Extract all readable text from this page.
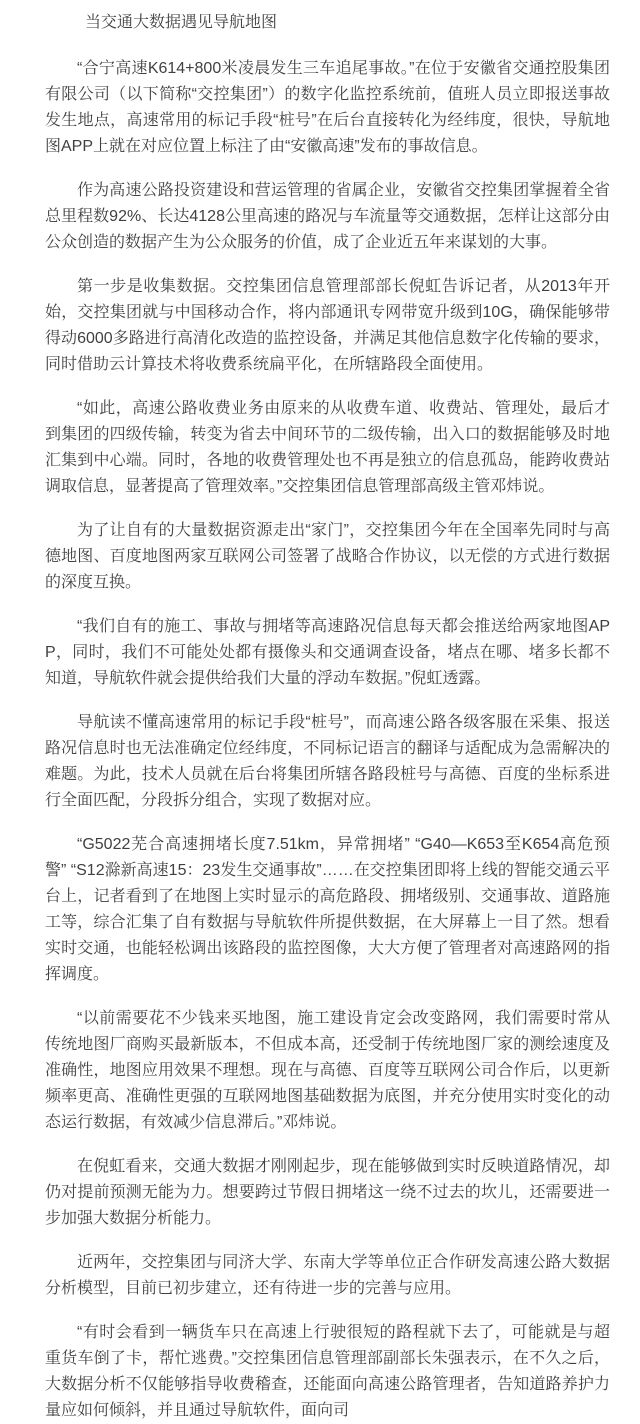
当交通大数据遇见导航地图

“合宁高速K614+800米凌晨发生三车追尾事故。”在位于安徽省交通控股集团有限公司（以下简称“交控集团”）的数字化监控系统前，值班人员立即报送事故发生地点，高速常用的标记手段“桩号”在后台直接转化为经纬度，很快，导航地图APP上就在对应位置上标注了由“安徽高速”发布的事故信息。

作为高速公路投资建设和营运管理的省属企业，安徽省交控集团掌握着全省总里程数92%、长达4128公里高速的路况与车流量等交通数据，怎样让这部分由公众创造的数据产生为公众服务的价值，成了企业近五年来谋划的大事。

第一步是收集数据。交控集团信息管理部部长倪虹告诉记者，从2013年开始，交控集团就与中国移动合作，将内部通讯专网带宽升级到10G，确保能够带得动6000多路进行高清化改造的监控设备，并满足其他信息数字化传输的要求，同时借助云计算技术将收费系统扁平化，在所辖路段全面使用。

“如此，高速公路收费业务由原来的从收费车道、收费站、管理处，最后才到集团的四级传输，转变为省去中间环节的二级传输，出入口的数据能够及时地汇集到中心端。同时，各地的收费管理处也不再是独立的信息孤岛，能跨收费站调取信息，显著提高了管理效率。”交控集团信息管理部高级主管邓炜说。

为了让自有的大量数据资源走出“家门”，交控集团今年在全国率先同时与高德地图、百度地图两家互联网公司签署了战略合作协议，以无偿的方式进行数据的深度互换。

“我们自有的施工、事故与拥堵等高速路况信息每天都会推送给两家地图APP，同时，我们不可能处处都有摄像头和交通调查设备，堵点在哪、堵多长都不知道，导航软件就会提供给我们大量的浮动车数据。”倪虹透露。

导航读不懂高速常用的标记手段“桩号”，而高速公路各级客服在采集、报送路况信息时也无法准确定位经纬度，不同标记语言的翻译与适配成为急需解决的难题。为此，技术人员就在后台将集团所辖各路段桩号与高德、百度的坐标系进行全面匹配，分段拆分组合，实现了数据对应。

“G5022芜合高速拥堵长度7.51km，异常拥堵” “G40—K653至K654高危预警” “S12滁新高速15：23发生交通事故”……在交控集团即将上线的智能交通云平台上，记者看到了在地图上实时显示的高危路段、拥堵级别、交通事故、道路施工等，综合汇集了自有数据与导航软件所提供数据，在大屏幕上一目了然。想看实时交通，也能轻松调出该路段的监控图像，大大方便了管理者对高速路网的指挥调度。

“以前需要花不少钱来买地图，施工建设肯定会改变路网，我们需要时常从传统地图厂商购买最新版本，不但成本高，还受制于传统地图厂家的测绘速度及准确性，地图应用效果不理想。现在与高德、百度等互联网公司合作后，以更新频率更高、准确性更强的互联网地图基础数据为底图，并充分使用实时变化的动态运行数据，有效减少信息滞后。”邓炜说。

在倪虹看来，交通大数据才刚刚起步，现在能够做到实时反映道路情况，却仍对提前预测无能为力。想要跨过节假日拥堵这一绕不过去的坎儿，还需要进一步加强大数据分析能力。

近两年，交控集团与同济大学、东南大学等单位正合作研发高速公路大数据分析模型，目前已初步建立，还有待进一步的完善与应用。

“有时会看到一辆货车只在高速上行驶很短的路程就下去了，可能就是与超重货车倒了卡，帮忙逃费。”交控集团信息管理部副部长朱强表示，在不久之后，大数据分析不仅能够指导收费稽查，还能面向高速公路管理者，告知道路养护力量应如何倾斜，并且通过导航软件，面向司
